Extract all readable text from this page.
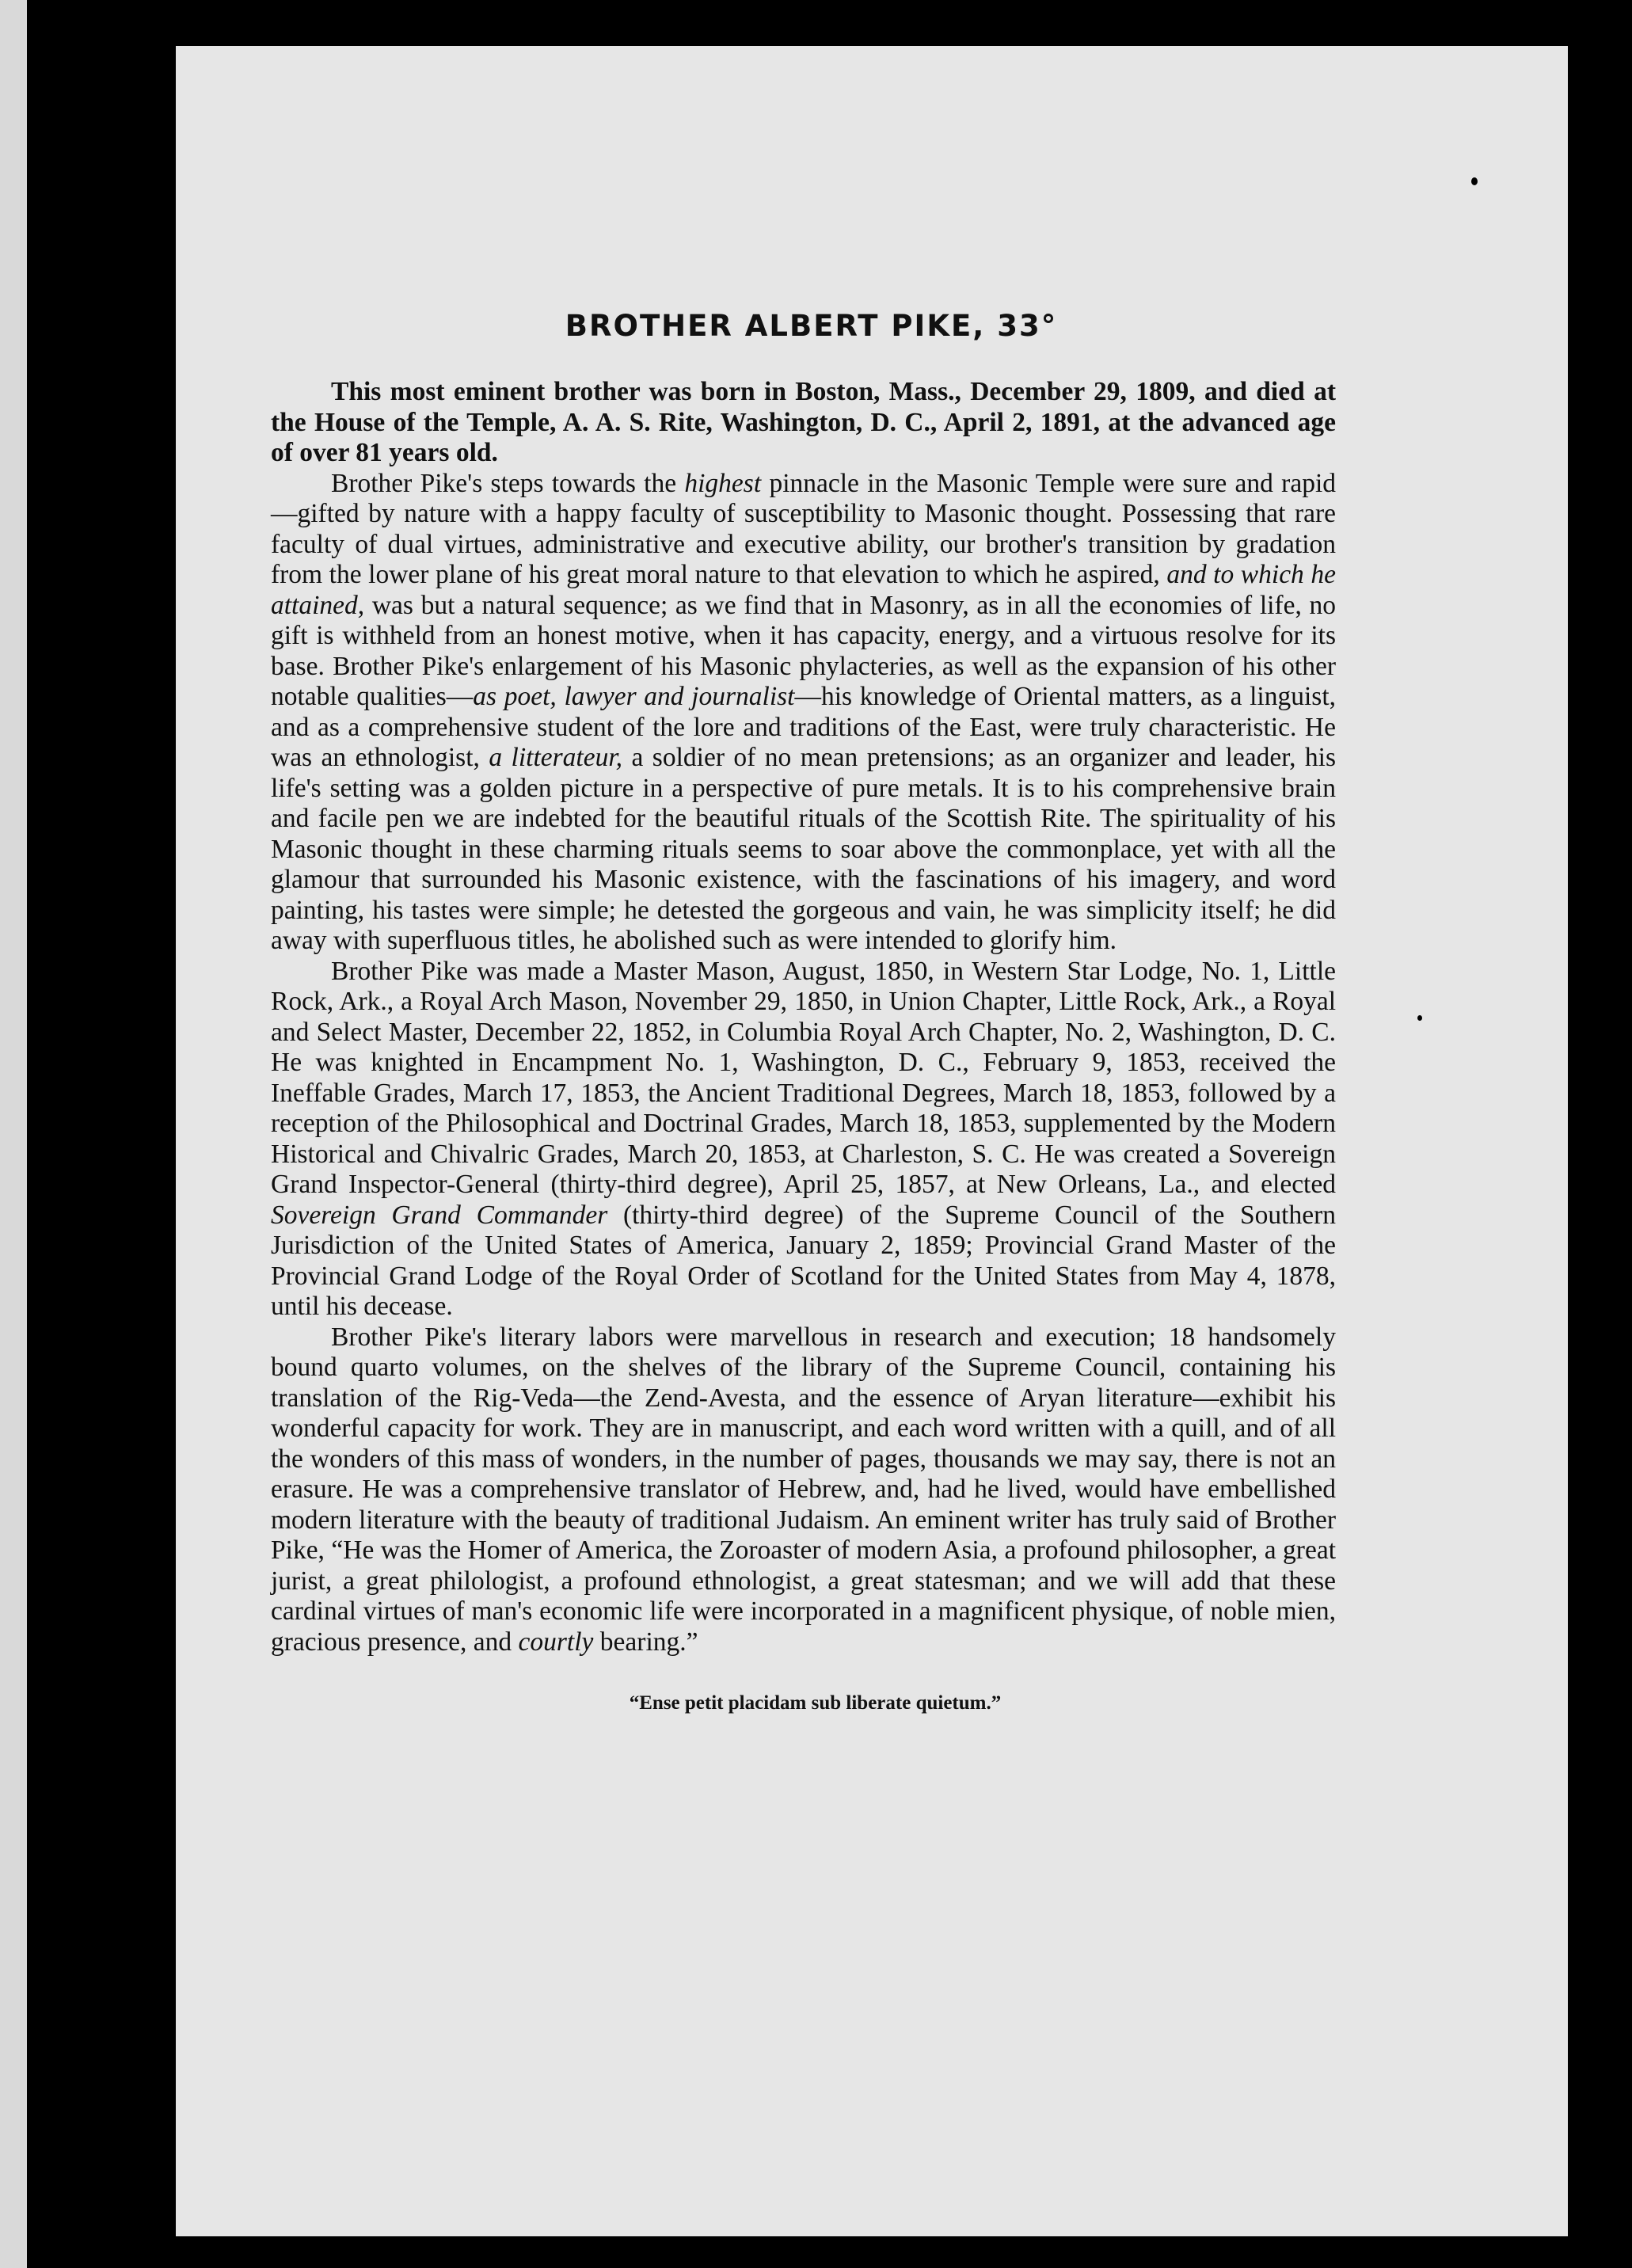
BROTHER ALBERT PIKE, 33°

This most eminent brother was born in Boston, Mass., December 29, 1809, and died at the House of the Temple, A. A. S. Rite, Washington, D. C., April 2, 1891, at the advanced age of over 81 years old.

Brother Pike's steps towards the highest pinnacle in the Masonic Temple were sure and rapid—gifted by nature with a happy faculty of susceptibility to Masonic thought. Possessing that rare faculty of dual virtues, administrative and executive ability, our brother's transition by gradation from the lower plane of his great moral nature to that elevation to which he aspired, and to which he attained, was but a natural sequence; as we find that in Masonry, as in all the economies of life, no gift is withheld from an honest motive, when it has capacity, energy, and a virtuous resolve for its base. Brother Pike's enlargement of his Masonic phylacteries, as well as the expansion of his other notable qualities—as poet, lawyer and journalist—his knowledge of Oriental matters, as a linguist, and as a comprehensive student of the lore and traditions of the East, were truly characteristic. He was an ethnologist, a litterateur, a soldier of no mean pretensions; as an organizer and leader, his life's setting was a golden picture in a perspective of pure metals. It is to his comprehensive brain and facile pen we are indebted for the beautiful rituals of the Scottish Rite. The spirituality of his Masonic thought in these charming rituals seems to soar above the commonplace, yet with all the glamour that surrounded his Masonic existence, with the fascinations of his imagery, and word painting, his tastes were simple; he detested the gorgeous and vain, he was simplicity itself; he did away with superfluous titles, he abolished such as were intended to glorify him.

Brother Pike was made a Master Mason, August, 1850, in Western Star Lodge, No. 1, Little Rock, Ark., a Royal Arch Mason, November 29, 1850, in Union Chapter, Little Rock, Ark., a Royal and Select Master, December 22, 1852, in Columbia Royal Arch Chapter, No. 2, Washington, D. C. He was knighted in Encampment No. 1, Washington, D. C., February 9, 1853, received the Ineffable Grades, March 17, 1853, the Ancient Traditional Degrees, March 18, 1853, followed by a reception of the Philosophical and Doctrinal Grades, March 18, 1853, supplemented by the Modern Historical and Chivalric Grades, March 20, 1853, at Charleston, S. C. He was created a Sovereign Grand Inspector-General (thirty-third degree), April 25, 1857, at New Orleans, La., and elected Sovereign Grand Commander (thirty-third degree) of the Supreme Council of the Southern Jurisdiction of the United States of America, January 2, 1859; Provincial Grand Master of the Provincial Grand Lodge of the Royal Order of Scotland for the United States from May 4, 1878, until his decease.

Brother Pike's literary labors were marvellous in research and execution; 18 handsomely bound quarto volumes, on the shelves of the library of the Supreme Council, containing his translation of the Rig-Veda—the Zend-Avesta, and the essence of Aryan literature—exhibit his wonderful capacity for work. They are in manuscript, and each word written with a quill, and of all the wonders of this mass of wonders, in the number of pages, thousands we may say, there is not an erasure. He was a comprehensive translator of Hebrew, and, had he lived, would have embellished modern literature with the beauty of traditional Judaism. An eminent writer has truly said of Brother Pike, “He was the Homer of America, the Zoroaster of modern Asia, a profound philosopher, a great jurist, a great philologist, a profound ethnologist, a great statesman; and we will add that these cardinal virtues of man's economic life were incorporated in a magnificent physique, of noble mien, gracious presence, and courtly bearing.”

“Ense petit placidam sub liberate quietum.”
